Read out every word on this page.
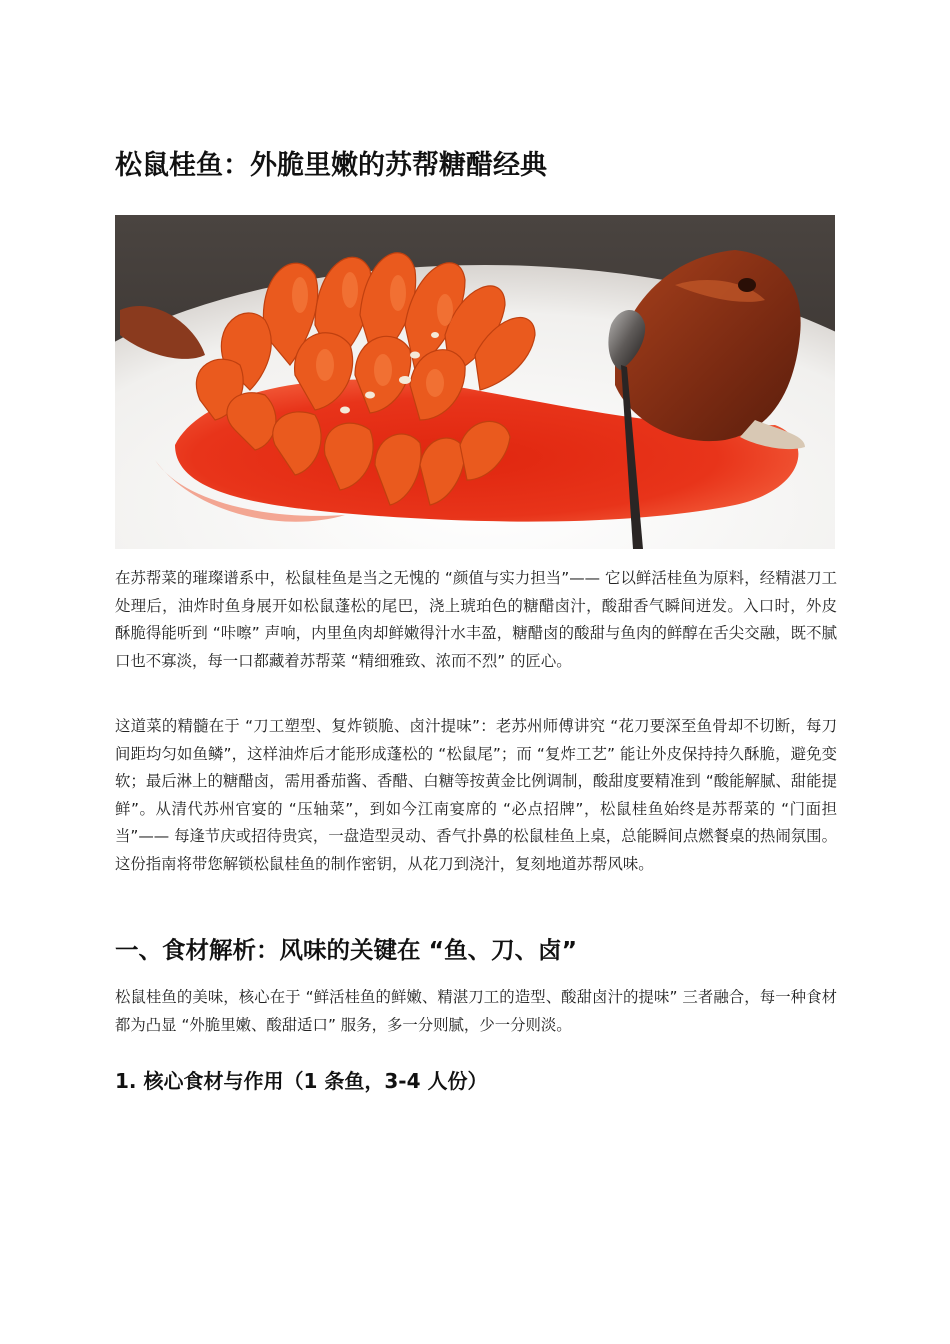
松鼠桂鱼：外脆里嫩的苏帮糖醋经典

在苏帮菜的璀璨谱系中，松鼠桂鱼是当之无愧的 “颜值与实力担当”—— 它以鲜活桂鱼为原料，经精湛刀工处理后，油炸时鱼身展开如松鼠蓬松的尾巴，浇上琥珀色的糖醋卤汁，酸甜香气瞬间迸发。入口时，外皮酥脆得能听到 “咔嚓” 声响，内里鱼肉却鲜嫩得汁水丰盈，糖醋卤的酸甜与鱼肉的鲜醇在舌尖交融，既不腻口也不寡淡，每一口都藏着苏帮菜 “精细雅致、浓而不烈” 的匠心。

这道菜的精髓在于 “刀工塑型、复炸锁脆、卤汁提味”：老苏州师傅讲究 “花刀要深至鱼骨却不切断，每刀间距均匀如鱼鳞”，这样油炸后才能形成蓬松的 “松鼠尾”；而 “复炸工艺” 能让外皮保持持久酥脆，避免变软；最后淋上的糖醋卤，需用番茄酱、香醋、白糖等按黄金比例调制，酸甜度要精准到 “酸能解腻、甜能提鲜”。从清代苏州官宴的 “压轴菜”，到如今江南宴席的 “必点招牌”，松鼠桂鱼始终是苏帮菜的 “门面担当”—— 每逢节庆或招待贵宾，一盘造型灵动、香气扑鼻的松鼠桂鱼上桌，总能瞬间点燃餐桌的热闹氛围。这份指南将带您解锁松鼠桂鱼的制作密钥，从花刀到浇汁，复刻地道苏帮风味。

一、食材解析：风味的关键在 “鱼、刀、卤”

松鼠桂鱼的美味，核心在于 “鲜活桂鱼的鲜嫩、精湛刀工的造型、酸甜卤汁的提味” 三者融合，每一种食材都为凸显 “外脆里嫩、酸甜适口” 服务，多一分则腻，少一分则淡。

1. 核心食材与作用（1 条鱼，3-4 人份）
